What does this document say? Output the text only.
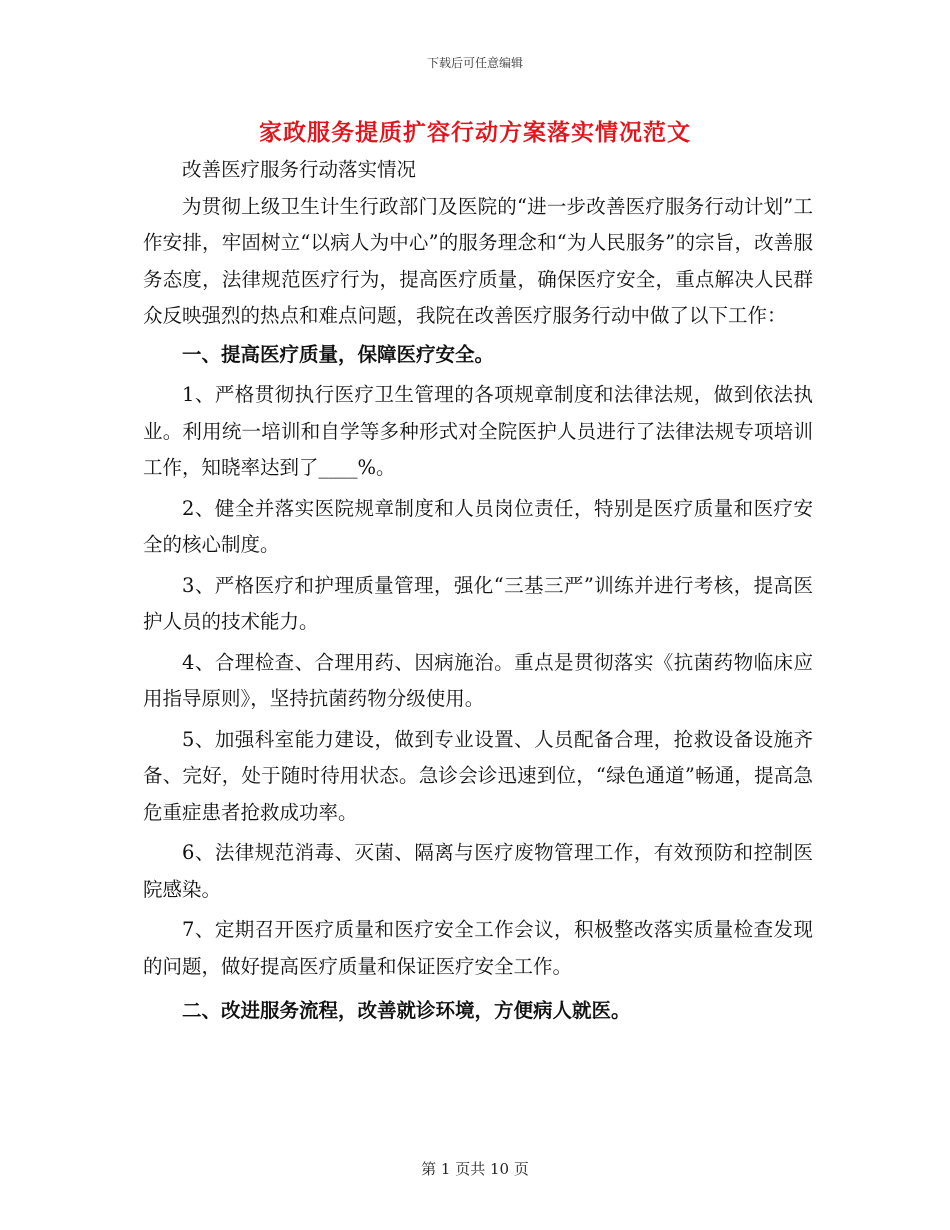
下载后可任意编辑
家政服务提质扩容行动方案落实情况范文

改善医疗服务行动落实情况

为贯彻上级卫生计生行政部门及医院的“进一步改善医疗服务行动计划”工作安排，牢固树立“以病人为中心”的服务理念和“为人民服务”的宗旨，改善服务态度，法律规范医疗行为，提高医疗质量，确保医疗安全，重点解决人民群众反映强烈的热点和难点问题，我院在改善医疗服务行动中做了以下工作：

一、提高医疗质量，保障医疗安全。

1、严格贯彻执行医疗卫生管理的各项规章制度和法律法规，做到依法执业。利用统一培训和自学等多种形式对全院医护人员进行了法律法规专项培训工作，知晓率达到了____%。

2、健全并落实医院规章制度和人员岗位责任，特别是医疗质量和医疗安全的核心制度。

3、严格医疗和护理质量管理，强化“三基三严”训练并进行考核，提高医护人员的技术能力。

4、合理检查、合理用药、因病施治。重点是贯彻落实《抗菌药物临床应用指导原则》，坚持抗菌药物分级使用。

5、加强科室能力建设，做到专业设置、人员配备合理，抢救设备设施齐备、完好，处于随时待用状态。急诊会诊迅速到位，“绿色通道”畅通，提高急危重症患者抢救成功率。

6、法律规范消毒、灭菌、隔离与医疗废物管理工作，有效预防和控制医院感染。

7、定期召开医疗质量和医疗安全工作会议，积极整改落实质量检查发现的问题，做好提高医疗质量和保证医疗安全工作。

二、改进服务流程，改善就诊环境，方便病人就医。

第 1 页共 10 页
